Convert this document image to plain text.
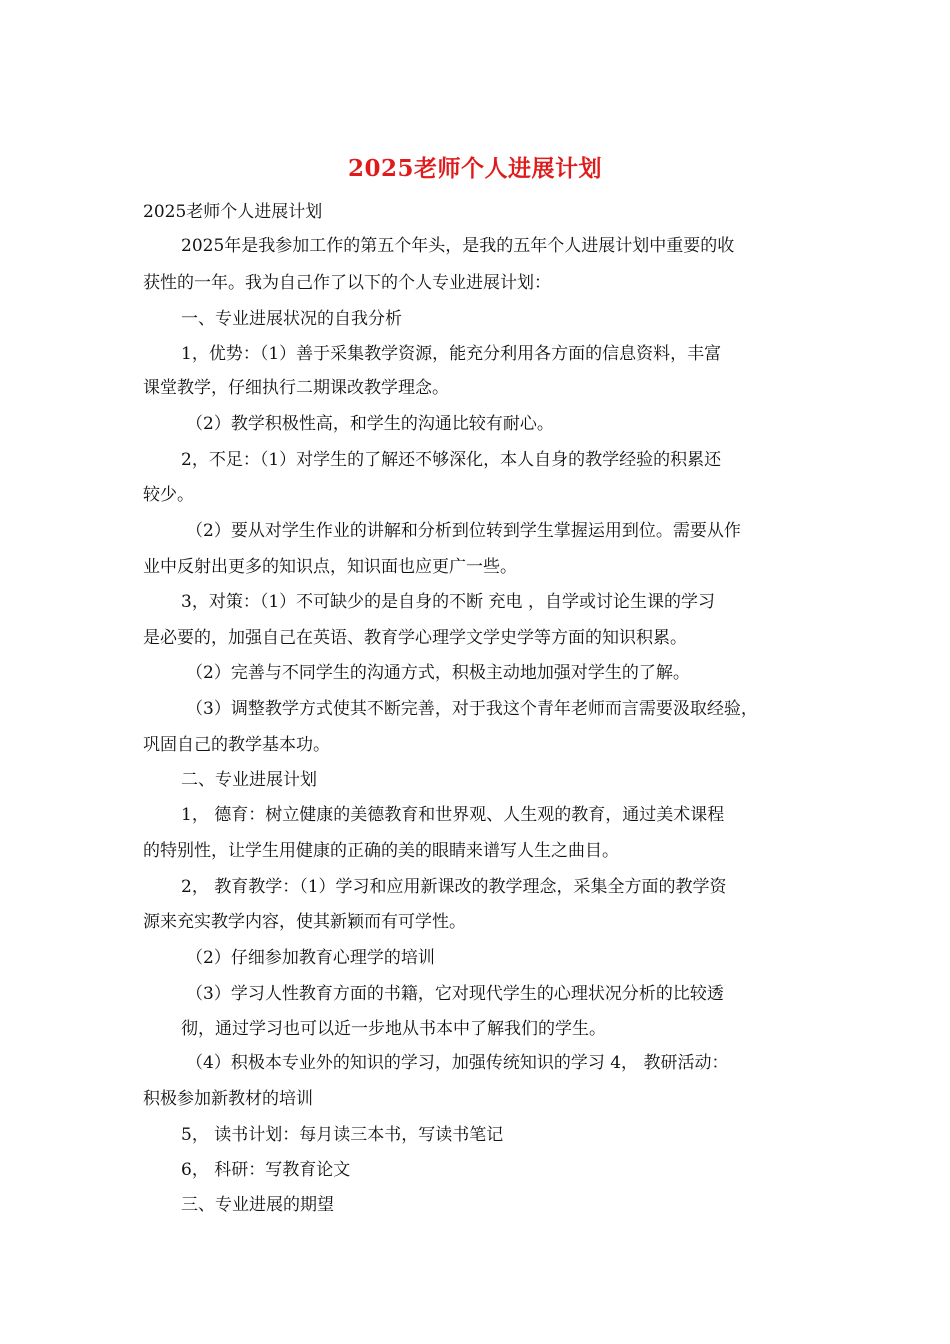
2025老师个人进展计划
2025老师个人进展计划
2025年是我参加工作的第五个年头，是我的五年个人进展计划中重要的收
获性的一年。我为自己作了以下的个人专业进展计划：
一、专业进展状况的自我分析
1，优势：（1）善于采集教学资源，能充分利用各方面的信息资料，丰富
课堂教学，仔细执行二期课改教学理念。
（2）教学积极性高，和学生的沟通比较有耐心。
2，不足：（1）对学生的了解还不够深化，本人自身的教学经验的积累还
较少。
（2）要从对学生作业的讲解和分析到位转到学生掌握运用到位。需要从作
业中反射出更多的知识点，知识面也应更广一些。
3，对策：（1）不可缺少的是自身的不断 充电 ，自学或讨论生课的学习
是必要的，加强自己在英语、教育学心理学文学史学等方面的知识积累。
（2）完善与不同学生的沟通方式，积极主动地加强对学生的了解。
（3）调整教学方式使其不断完善，对于我这个青年老师而言需要汲取经验，
巩固自己的教学基本功。
二、专业进展计划
1， 德育：树立健康的美德教育和世界观、人生观的教育，通过美术课程
的特别性，让学生用健康的正确的美的眼睛来谱写人生之曲目。
2， 教育教学：（1）学习和应用新课改的教学理念，采集全方面的教学资
源来充实教学内容，使其新颖而有可学性。
（2）仔细参加教育心理学的培训
（3）学习人性教育方面的书籍，它对现代学生的心理状况分析的比较透
彻，通过学习也可以近一步地从书本中了解我们的学生。
（4）积极本专业外的知识的学习，加强传统知识的学习 4， 教研活动：
积极参加新教材的培训
5， 读书计划：每月读三本书，写读书笔记
6， 科研：写教育论文
三、专业进展的期望
